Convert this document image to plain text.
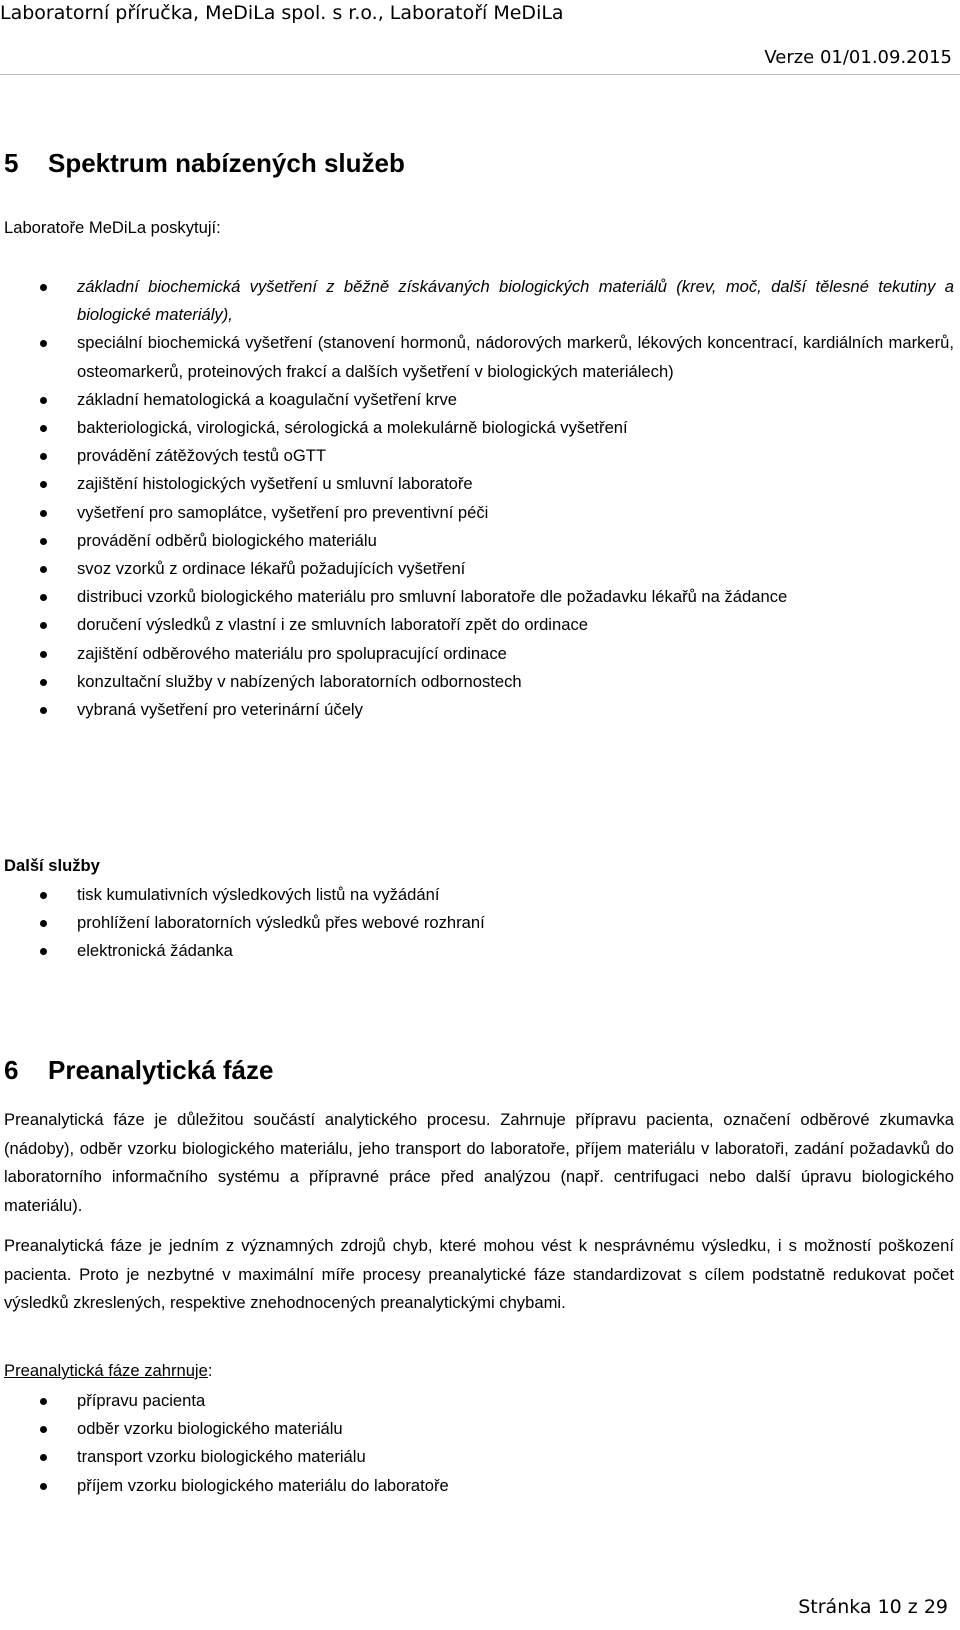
Laboratorní příručka, MeDiLa spol. s r.o., Laboratoří MeDiLa
Verze 01/01.09.2015
5 Spektrum nabízených služeb

Laboratoře MeDiLa poskytují:

základní biochemická vyšetření z běžně získávaných biologických materiálů (krev, moč, další tělesné tekutiny a biologické materiály),
speciální biochemická vyšetření (stanovení hormonů, nádorových markerů, lékových koncentrací, kardiálních markerů, osteomarkerů, proteinových frakcí a dalších vyšetření v biologických materiálech)
základní hematologická a koagulační vyšetření krve
bakteriologická, virologická, sérologická a molekulárně biologická vyšetření
provádění zátěžových testů oGTT
zajištění histologických vyšetření u smluvní laboratoře
vyšetření pro samoplátce, vyšetření pro preventivní péči
provádění odběrů biologického materiálu
svoz vzorků z ordinace lékařů požadujících vyšetření
distribuci vzorků biologického materiálu pro smluvní laboratoře dle požadavku lékařů na žádance
doručení výsledků z vlastní i ze smluvních laboratoří zpět do ordinace
zajištění odběrového materiálu pro spolupracující ordinace
konzultační služby v nabízených laboratorních odbornostech
vybraná vyšetření pro veterinární účely

Další služby

tisk kumulativních výsledkových listů na vyžádání
prohlížení laboratorních výsledků přes webové rozhraní
elektronická žádanka
6 Preanalytická fáze

Preanalytická fáze je důležitou součástí analytického procesu. Zahrnuje přípravu pacienta, označení odběrové zkumavka (nádoby), odběr vzorku biologického materiálu, jeho transport do laboratoře, příjem materiálu v laboratoři, zadání požadavků do laboratorního informačního systému a přípravné práce před analýzou (např. centrifugaci nebo další úpravu biologického materiálu).

Preanalytická fáze je jedním z významných zdrojů chyb, které mohou vést k nesprávnému výsledku, i s možností poškození pacienta. Proto je nezbytné v maximální míře procesy preanalytické fáze standardizovat s cílem podstatně redukovat počet výsledků zkreslených, respektive znehodnocených preanalytickými chybami.

Preanalytická fáze zahrnuje:

přípravu pacienta
odběr vzorku biologického materiálu
transport vzorku biologického materiálu
příjem vzorku biologického materiálu do laboratoře
Stránka 10 z 29
